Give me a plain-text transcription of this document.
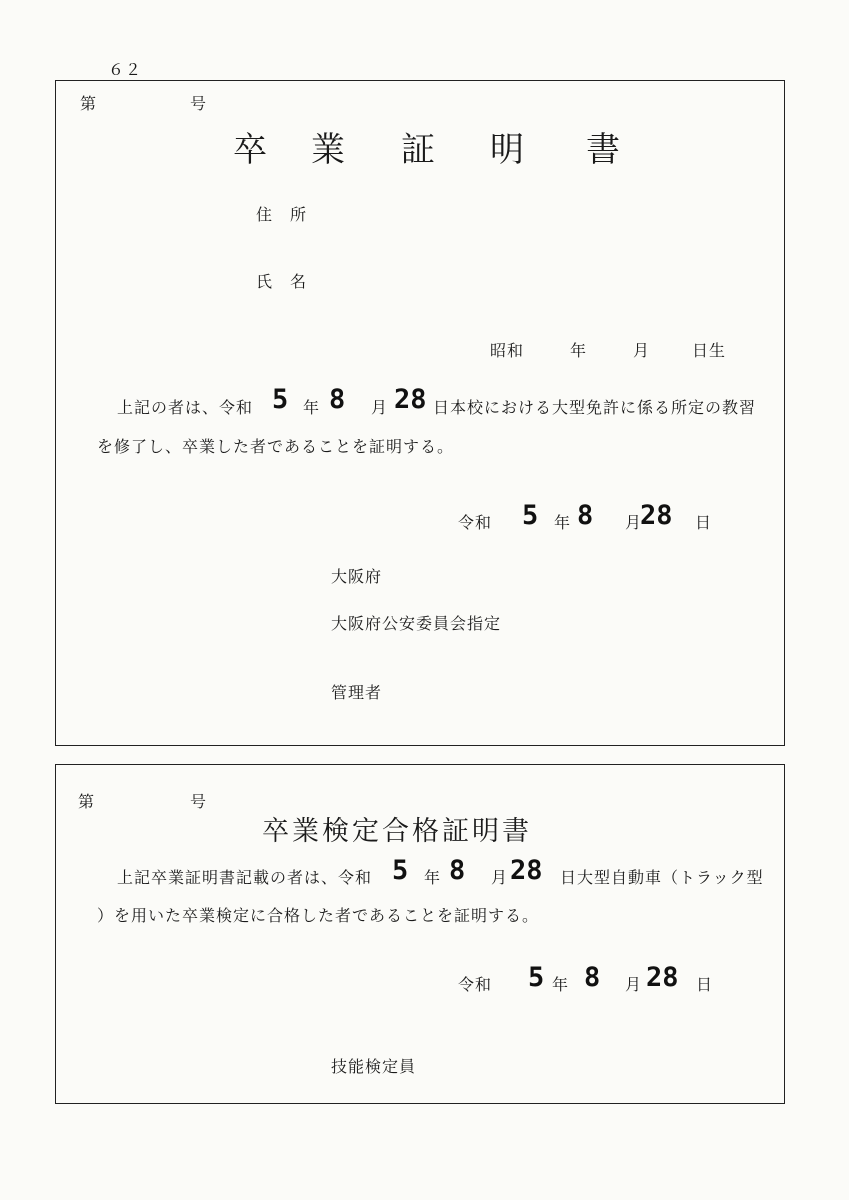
６２
第	号
卒 業 証 明 書
住　所
氏　名
昭和	年	月	日生
上記の者は、令和 5 年 8 月 28 日本校における大型免許に係る所定の教習
を修了し、卒業した者であることを証明する。
令和 5 年 8 月
28 日
大阪府
大阪府公安委員会指定
管理者
第	号
卒業検定合格証明書
上記卒業証明書記載の者は、令和 5 年 8 月 28 日大型自動車（トラック型
）を用いた卒業検定に合格した者であることを証明する。
令和 5 年 8 月 28 日
技能検定員
